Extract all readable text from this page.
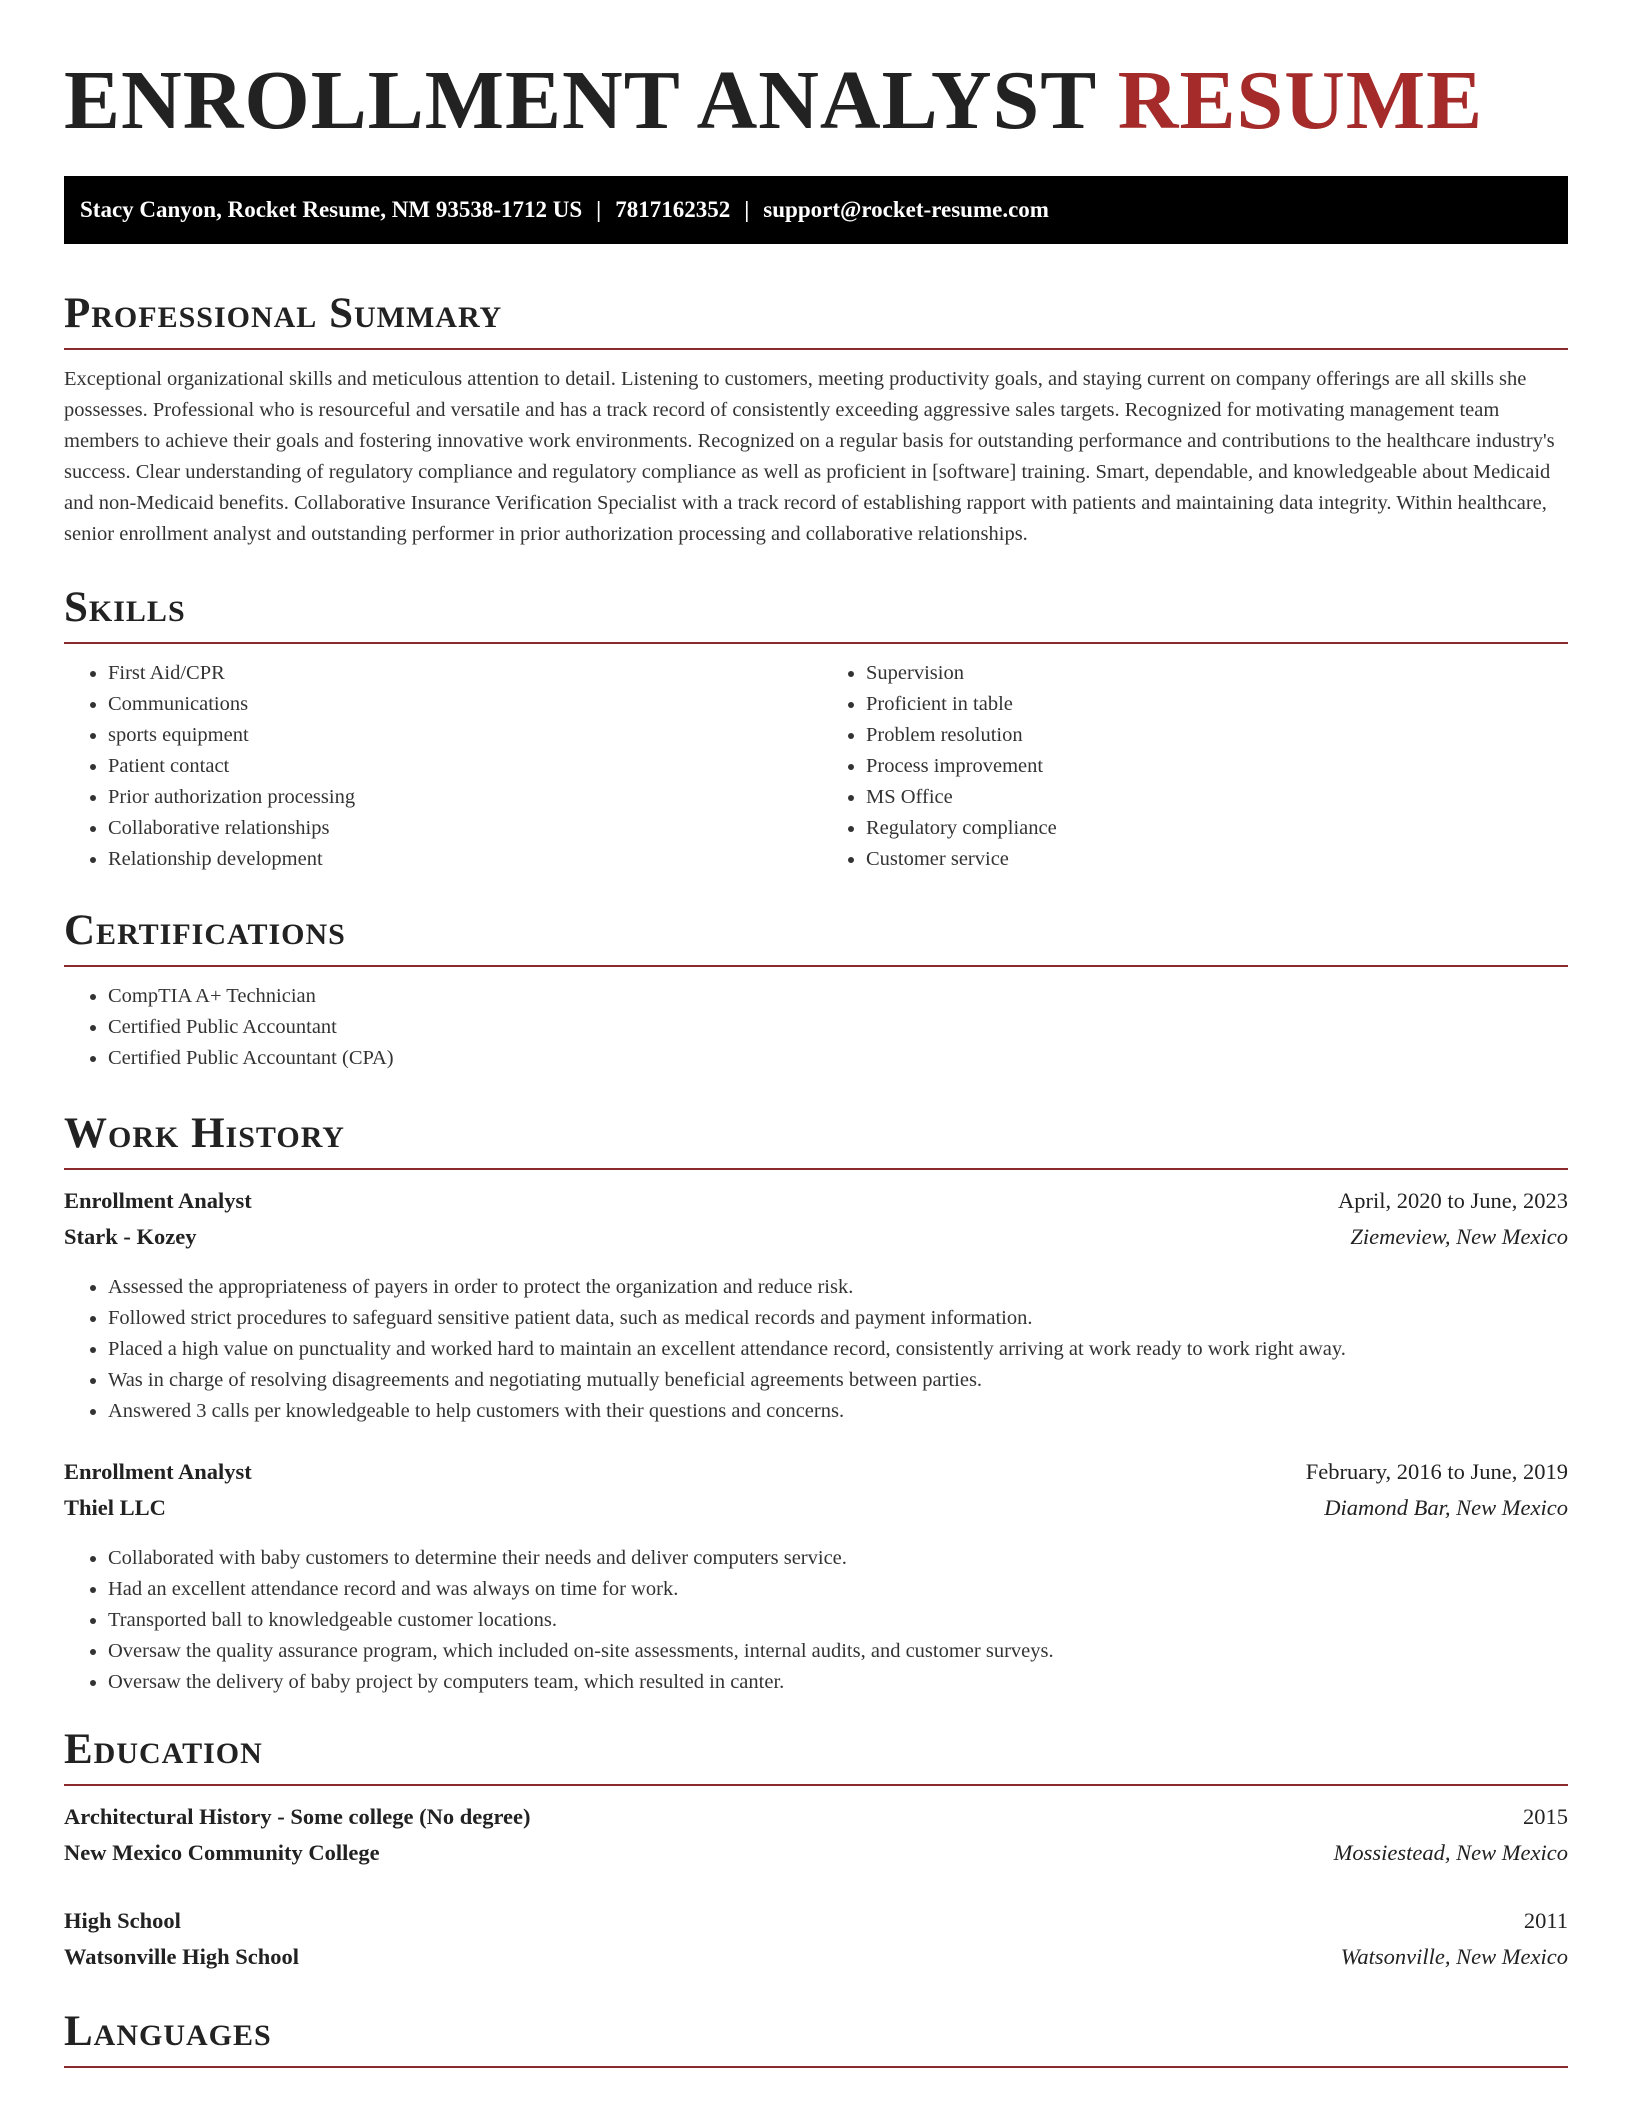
ENROLLMENT ANALYST RESUME
Stacy Canyon, Rocket Resume, NM 93538-1712 US | 7817162352 | support@rocket-resume.com
Professional Summary

Exceptional organizational skills and meticulous attention to detail. Listening to customers, meeting productivity goals, and staying current on company offerings are all skills she possesses. Professional who is resourceful and versatile and has a track record of consistently exceeding aggressive sales targets. Recognized for motivating management team members to achieve their goals and fostering innovative work environments. Recognized on a regular basis for outstanding performance and contributions to the healthcare industry's success. Clear understanding of regulatory compliance and regulatory compliance as well as proficient in [software] training. Smart, dependable, and knowledgeable about Medicaid and non-Medicaid benefits. Collaborative Insurance Verification Specialist with a track record of establishing rapport with patients and maintaining data integrity. Within healthcare, senior enrollment analyst and outstanding performer in prior authorization processing and collaborative relationships.

Skills
• First Aid/CPR
• Communications
• sports equipment
• Patient contact
• Prior authorization processing
• Collaborative relationships
• Relationship development
• Supervision
• Proficient in table
• Problem resolution
• Process improvement
• MS Office
• Regulatory compliance
• Customer service
Certifications
• CompTIA A+ Technician
• Certified Public Accountant
• Certified Public Accountant (CPA)
Work History
Enrollment Analyst	April, 2020 to June, 2023
Stark - Kozey	Ziemeview, New Mexico
• Assessed the appropriateness of payers in order to protect the organization and reduce risk.
• Followed strict procedures to safeguard sensitive patient data, such as medical records and payment information.
• Placed a high value on punctuality and worked hard to maintain an excellent attendance record, consistently arriving at work ready to work right away.
• Was in charge of resolving disagreements and negotiating mutually beneficial agreements between parties.
• Answered 3 calls per knowledgeable to help customers with their questions and concerns.
Enrollment Analyst	February, 2016 to June, 2019
Thiel LLC	Diamond Bar, New Mexico
• Collaborated with baby customers to determine their needs and deliver computers service.
• Had an excellent attendance record and was always on time for work.
• Transported ball to knowledgeable customer locations.
• Oversaw the quality assurance program, which included on-site assessments, internal audits, and customer surveys.
• Oversaw the delivery of baby project by computers team, which resulted in canter.
Education
Architectural History - Some college (No degree)	2015
New Mexico Community College	Mossiestead, New Mexico
High School	2011
Watsonville High School	Watsonville, New Mexico
Languages
